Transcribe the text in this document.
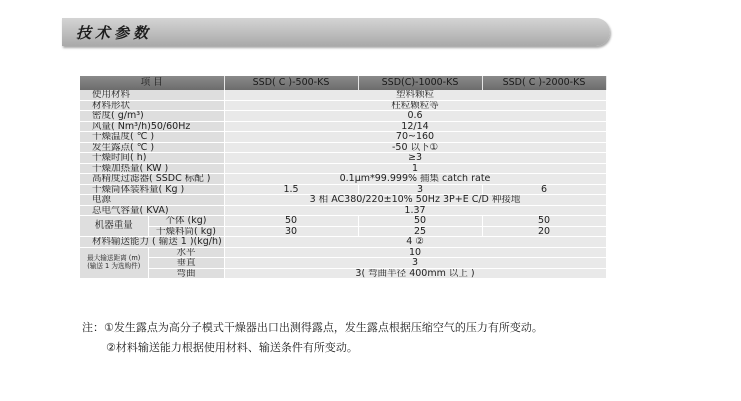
技术参数
项 目		SSD( C )-500-KS	SSD(C)-1000-KS	SSD( C )-2000-KS
使用材料		塑料颗粒		
材料形状		柱粒颗粒等		
密度( g/m³)		0.6		
风量( Nm³/h)50/60Hz		12/14		
干燥温度( ℃ )		70~160		
发生露点( ℃ )		-50 以下①		
干燥时间( h)		≥3		
干燥加热量( KW )		1		
高精度过滤器( SSDC 标配 )		0.1μm*99.999% 捕集 catch rate		
干燥筒体装料量( Kg )		1.5	3	6
电源		3 相 AC380/220±10% 50Hz 3P+E C/D 种接地		
总电气容量( KVA)		1.37		
机器重量	个体 (kg)	50	50	50
	干燥料筒( kg)	30	25	20
材料输送能力 ( 输送 1 )(kg/h)		4 ②		

最大输送距离 (m)
(输送 1 为选购件)	水平	10		
	垂直	3		
	弯曲	3( 弯曲半径 400mm 以上 )		
注：①发生露点为高分子模式干燥器出口出测得露点，发生露点根据压缩空气的压力有所变动。
②材料输送能力根据使用材料、输送条件有所变动。
